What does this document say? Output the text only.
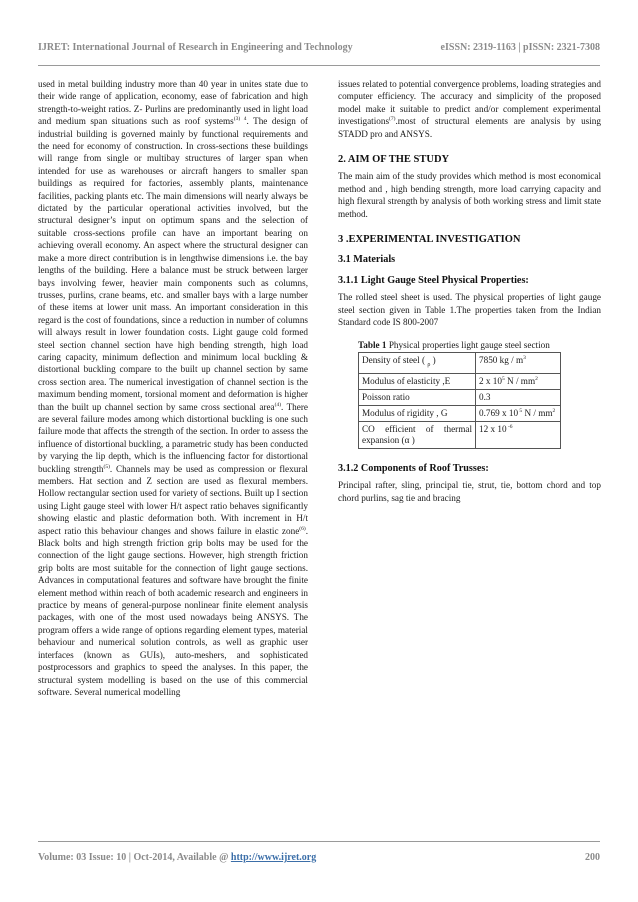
IJRET: International Journal of Research in Engineering and Technology	eISSN: 2319-1163 | pISSN: 2321-7308

used in metal building industry more than 40 year in unites state due to their wide range of application, economy, ease of fabrication and high strength-to-weight ratios. Z- Purlins are predominantly used in light load and medium span situations such as roof systems$^{(3) 4}$. The design of industrial building is governed mainly by functional requirements and the need for economy of construction. In cross-sections these buildings will range from single or multibay structures of larger span when intended for use as warehouses or aircraft hangers to smaller span buildings as required for factories, assembly plants, maintenance facilities, packing plants etc. The main dimensions will nearly always be dictated by the particular operational activities involved, but the structural designer’s input on optimum spans and the selection of suitable cross-sections profile can have an important bearing on achieving overall economy. An aspect where the structural designer can make a more direct contribution is in lengthwise dimensions i.e. the bay lengths of the building. Here a balance must be struck between larger bays involving fewer, heavier main components such as columns, trusses, purlins, crane beams, etc. and smaller bays with a large number of these items at lower unit mass. An important consideration in this regard is the cost of foundations, since a reduction in number of columns will always result in lower foundation costs. Light gauge cold formed steel section channel section have high bending strength, high load caring capacity, minimum deflection and minimum local buckling & distortional buckling compare to the built up channel section by same cross section area. The numerical investigation of channel section is the maximum bending moment, torsional moment and deformation is higher than the built up channel section by same cross sectional area$^{(4)}$. There are several failure modes among which distortional buckling is one such failure mode that affects the strength of the section. In order to assess the influence of distortional buckling, a parametric study has been conducted by varying the lip depth, which is the influencing factor for distortional buckling strength$^{(5)}$. Channels may be used as compression or flexural members. Hat section and Z section are used as flexural members. Hollow rectangular section used for variety of sections. Built up I section using Light gauge steel with lower H/t aspect ratio behaves significantly showing elastic and plastic deformation both. With increment in H/t aspect ratio this behaviour changes and shows failure in elastic zone$^{(6)}$. Black bolts and high strength friction grip bolts may be used for the connection of the light gauge sections. However, high strength friction grip bolts are most suitable for the connection of light gauge sections. Advances in computational features and software have brought the finite element method within reach of both academic research and engineers in practice by means of general-purpose nonlinear finite element analysis packages, with one of the most used nowadays being ANSYS. The program offers a wide range of options regarding element types, material behaviour and numerical solution controls, as well as graphic user interfaces (known as GUIs), auto-meshers, and sophisticated postprocessors and graphics to speed the analyses. In this paper, the structural system modelling is based on the use of this commercial software. Several numerical modelling

issues related to potential convergence problems, loading strategies and computer efficiency. The accuracy and simplicity of the proposed model make it suitable to predict and/or complement experimental investigations$^{(7)}$.most of structural elements are analysis by using STADD pro and ANSYS.

2. AIM OF THE STUDY

The main aim of the study provides which method is most economical method and , high bending strength, more load carrying capacity and high flexural strength by analysis of both working stress and limit state method.

3 .EXPERIMENTAL INVESTIGATION
3.1 Materials
3.1.1 Light Gauge Steel Physical Properties:

The rolled steel sheet is used. The physical properties of light gauge steel section given in Table 1.The properties taken from the Indian Standard code IS 800-2007

Table 1 Physical properties light gauge steel section
Density of steel ( $_\rho$ )	7850 kg / $m^3$
Modulus of elasticity ,E	2 x $10^5$ N / $mm^2$
Poisson ratio	0.3
Modulus of rigidity , G	0.769 x 10 $^5$ N / $mm^2$
CO efficient of thermal expansion (α )	12 x 10 $^{-6}$
3.1.2 Components of Roof Trusses:

Principal rafter, sling, principal tie, strut, tie, bottom chord and top chord purlins, sag tie and bracing

Volume: 03 Issue: 10 | Oct-2014, Available @ http://www.ijret.org	200
